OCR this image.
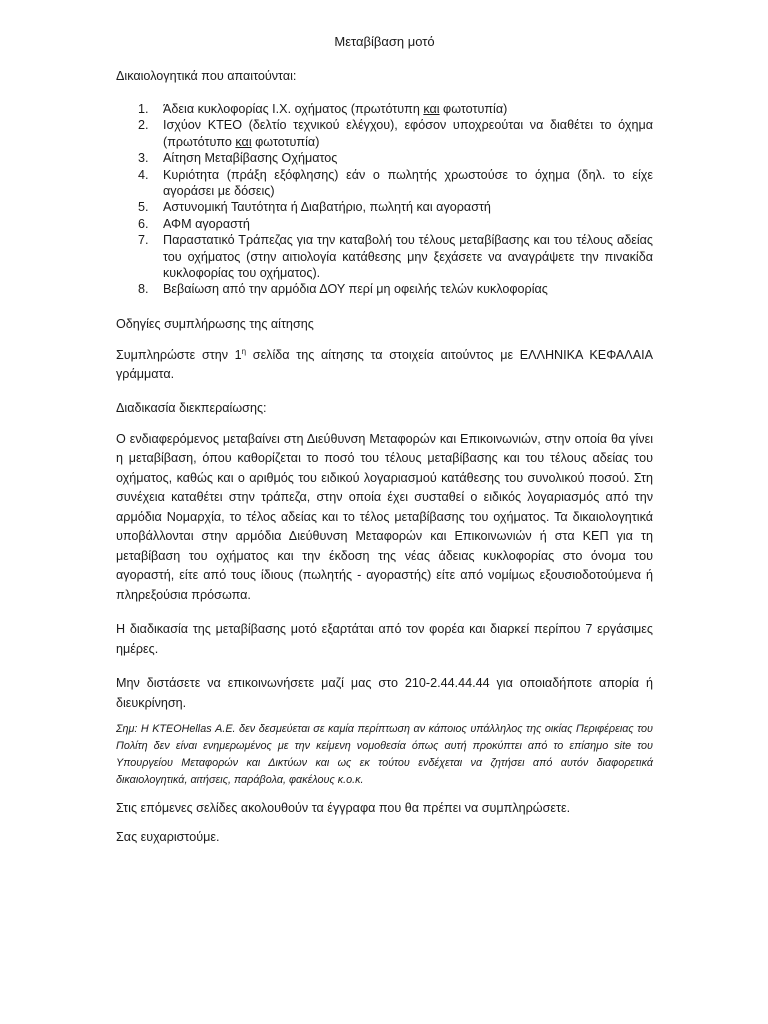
Μεταβίβαση μοτό
Δικαιολογητικά που απαιτούνται:
1.	Άδεια κυκλοφορίας Ι.Χ. οχήματος (πρωτότυπη και φωτοτυπία)
2.	Ισχύον ΚΤΕΟ (δελτίο τεχνικού ελέγχου), εφόσον υποχρεούται να διαθέτει το όχημα (πρωτότυπο και φωτοτυπία)
3.	Αίτηση Μεταβίβασης Οχήματος
4.	Κυριότητα (πράξη εξόφλησης) εάν ο πωλητής χρωστούσε το όχημα (δηλ. το είχε αγοράσει με δόσεις)
5.	Αστυνομική Ταυτότητα ή Διαβατήριο, πωλητή και αγοραστή
6.	ΑΦΜ αγοραστή
7.	Παραστατικό Τράπεζας για την καταβολή του τέλους μεταβίβασης και του τέλους αδείας του οχήματος (στην αιτιολογία κατάθεσης μην ξεχάσετε να αναγράψετε την πινακίδα κυκλοφορίας του οχήματος).
8.	Βεβαίωση από την αρμόδια ΔΟΥ περί μη οφειλής τελών κυκλοφορίας
Οδηγίες συμπλήρωσης της αίτησης

Συμπληρώστε στην $1^\eta$ σελίδα της αίτησης τα στοιχεία αιτούντος με ΕΛΛΗΝΙΚΑ ΚΕΦΑΛΑΙΑ γράμματα.

Διαδικασία διεκπεραίωσης:

Ο ενδιαφερόμενος μεταβαίνει στη Διεύθυνση Μεταφορών και Επικοινωνιών, στην οποία θα γίνει η μεταβίβαση, όπου καθορίζεται το ποσό του τέλους μεταβίβασης και του τέλους αδείας του οχήματος, καθώς και ο αριθμός του ειδικού λογαριασμού κατάθεσης του συνολικού ποσού. Στη συνέχεια καταθέτει στην τράπεζα, στην οποία έχει συσταθεί ο ειδικός λογαριασμός από την αρμόδια Νομαρχία, το τέλος αδείας και το τέλος μεταβίβασης του οχήματος. Τα δικαιολογητικά υποβάλλονται στην αρμόδια Διεύθυνση Μεταφορών και Επικοινωνιών ή στα ΚΕΠ για τη μεταβίβαση του οχήματος και την έκδοση της νέας άδειας κυκλοφορίας στο όνομα του αγοραστή, είτε από τους ίδιους (πωλητής - αγοραστής) είτε από νομίμως εξουσιοδοτούμενα ή πληρεξούσια πρόσωπα.

Η διαδικασία της μεταβίβασης μοτό εξαρτάται από τον φορέα και διαρκεί περίπου 7 εργάσιμες ημέρες.

Μην διστάσετε να επικοινωνήσετε μαζί μας στο 210-2.44.44.44 για οποιαδήποτε απορία ή διευκρίνηση.

Σημ: Η KTEOHellas Α.Ε. δεν δεσμεύεται σε καμία περίπτωση αν κάποιος υπάλληλος της οικίας Περιφέρειας του Πολίτη δεν είναι ενημερωμένος με την κείμενη νομοθεσία όπως αυτή προκύπτει από το επίσημο site του Υπουργείου Μεταφορών και Δικτύων και ως εκ τούτου ενδέχεται να ζητήσει από αυτόν διαφορετικά δικαιολογητικά, αιτήσεις, παράβολα, φακέλους κ.ο.κ.

Στις επόμενες σελίδες ακολουθούν τα έγγραφα που θα πρέπει να συμπληρώσετε.

Σας ευχαριστούμε.
